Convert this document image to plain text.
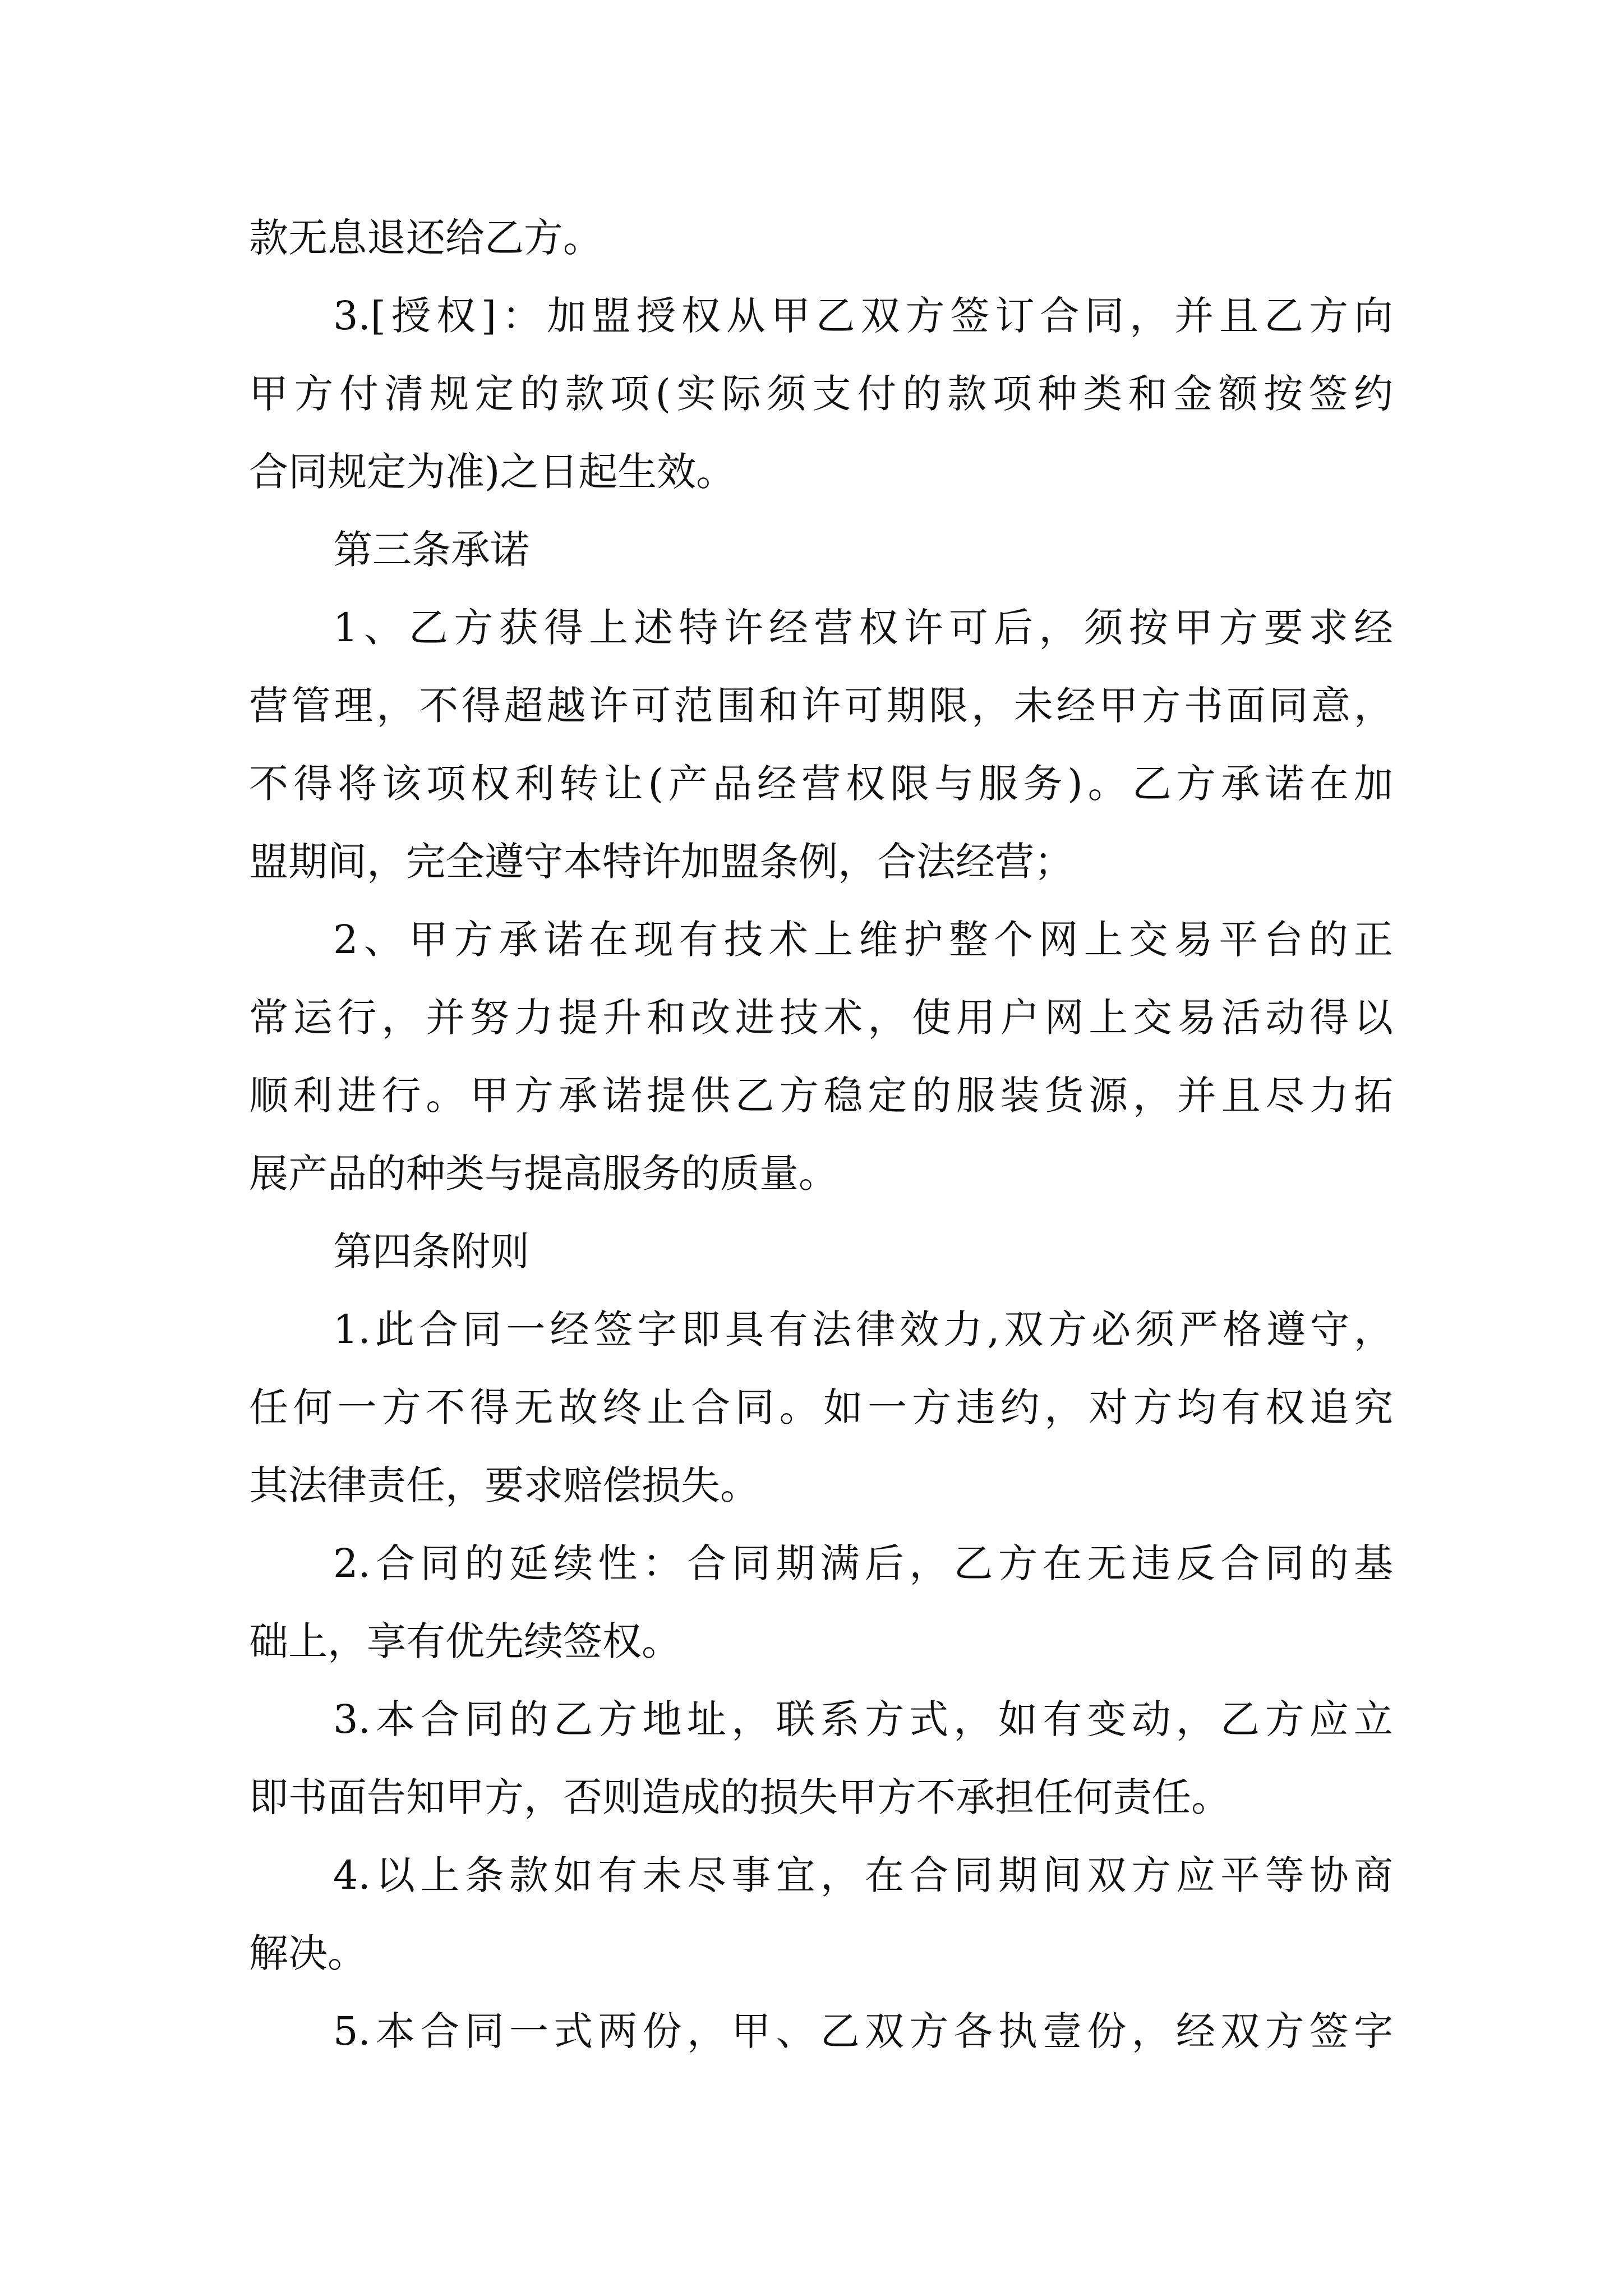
款无息退还给乙方。
3.[授权]：加盟授权从甲乙双方签订合同，并且乙方向
甲方付清规定的款项(实际须支付的款项种类和金额按签约
合同规定为准)之日起生效。
第三条承诺
1、乙方获得上述特许经营权许可后，须按甲方要求经
营管理，不得超越许可范围和许可期限，未经甲方书面同意，
不得将该项权利转让(产品经营权限与服务)。乙方承诺在加
盟期间，完全遵守本特许加盟条例，合法经营；
2、甲方承诺在现有技术上维护整个网上交易平台的正
常运行，并努力提升和改进技术，使用户网上交易活动得以
顺利进行。甲方承诺提供乙方稳定的服装货源，并且尽力拓
展产品的种类与提高服务的质量。
第四条附则
1.此合同一经签字即具有法律效力,双方必须严格遵守，
任何一方不得无故终止合同。如一方违约，对方均有权追究
其法律责任，要求赔偿损失。
2.合同的延续性：合同期满后，乙方在无违反合同的基
础上，享有优先续签权。
3.本合同的乙方地址，联系方式，如有变动，乙方应立
即书面告知甲方，否则造成的损失甲方不承担任何责任。
4.以上条款如有未尽事宜，在合同期间双方应平等协商
解决。
5.本合同一式两份，甲、乙双方各执壹份，经双方签字
